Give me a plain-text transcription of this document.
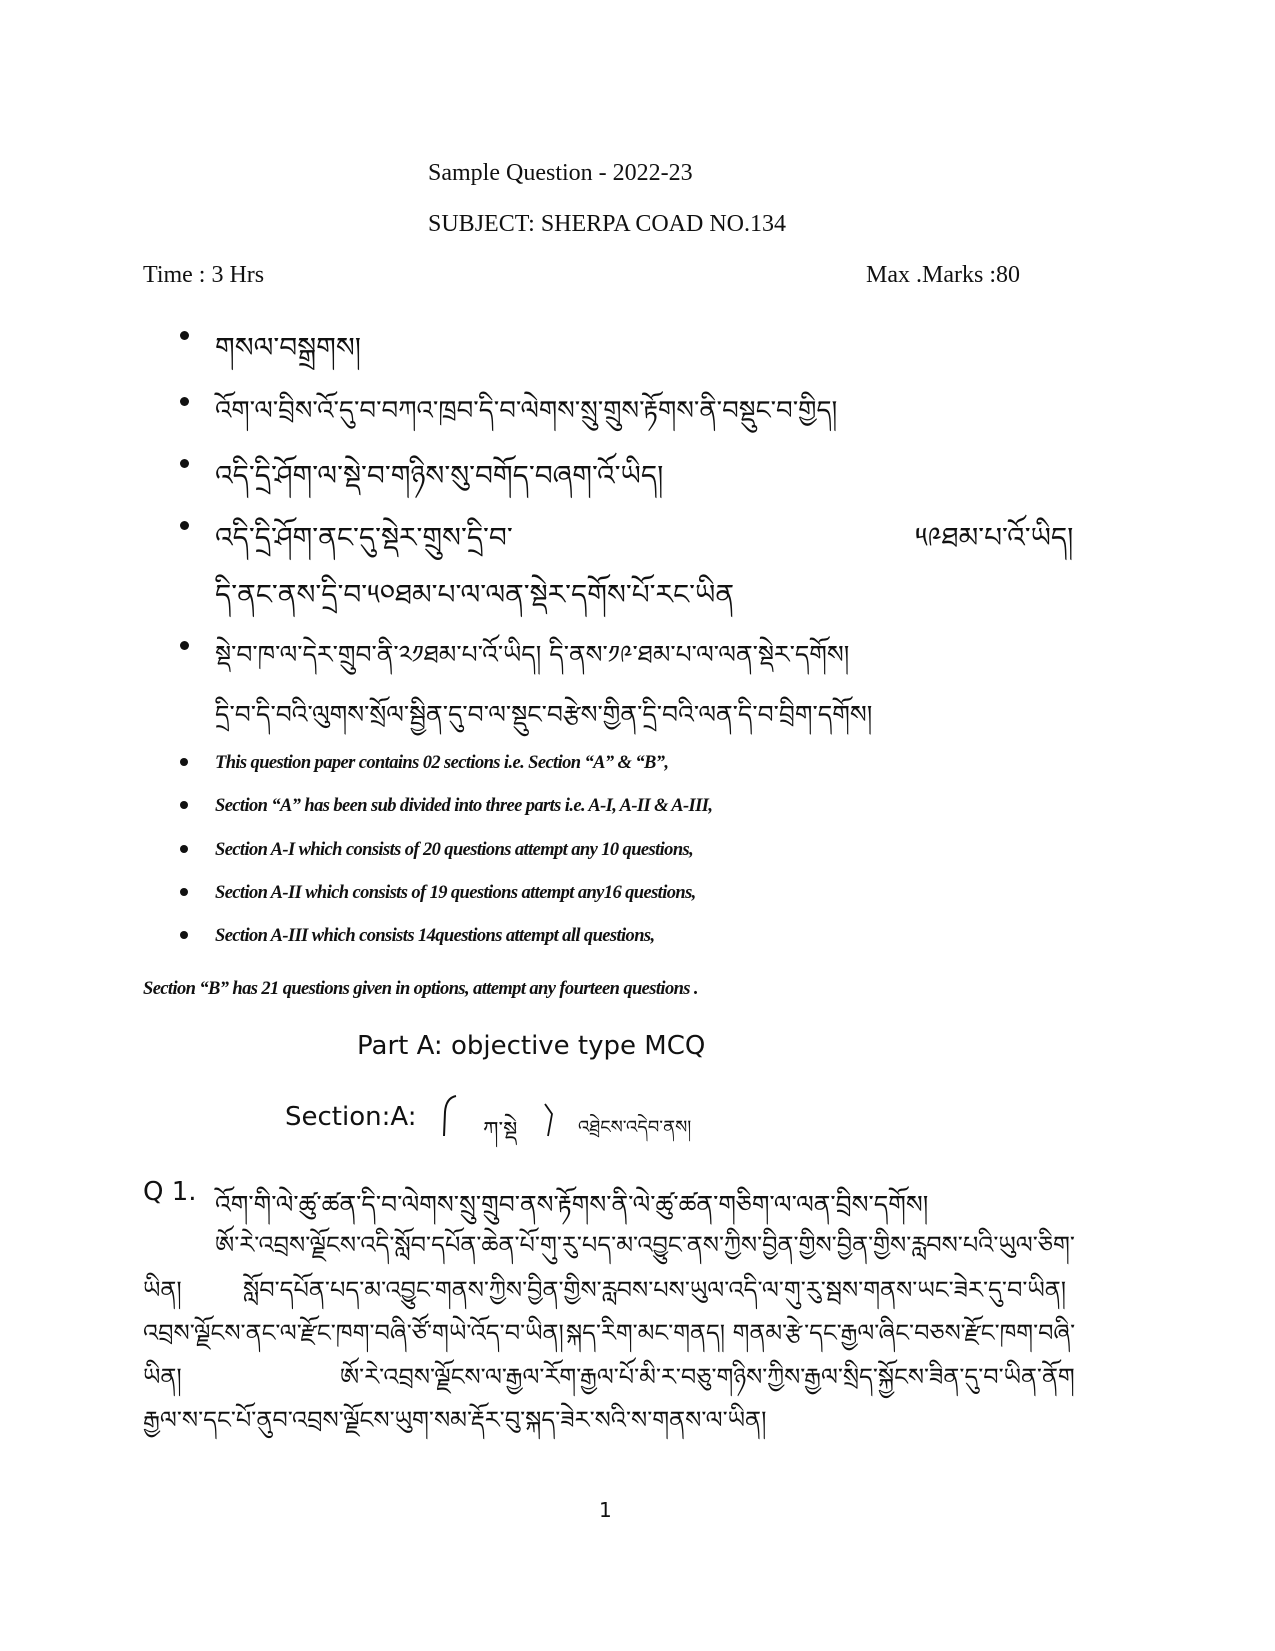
Sample Question - 2022-23
SUBJECT: SHERPA COAD NO.134
Time : 3 Hrs	Max .Marks :80
གསལ་བསྒྲགས།
འོག་ལ་བྲིས་འོ་དུ་བ་བཀའ་ཁྲབ་དི་བ་ལེགས་སྲུ་གྲུས་རྟོགས་ནི་བསྡུང་བ་གྱིད།
འདི་དྲི་ཤོག་ལ་སྡེ་བ་གཉིས་སུ་བགོད་བཞག་འོ་ཡིད།
འདི་དྲི་ཤོག་ནང་དུ་སྡེར་གྲུས་དྲི་བ་	༥༩ཐམ་པ་འོ་ཡིད།
དི་ནང་ནས་དྲི་བ་༥༠ཐམ་པ་ལ་ལན་སྡེར་དགོས་པོ་རང་ཡིན
སྡེ་བ་ཁ་ལ་དེར་གྲུབ་ནི་༢༡ཐམ་པ་འོ་ཡིད། དི་ནས་༡༩་ཐམ་པ་ལ་ལན་སྡེར་དགོས།
དྲི་བ་དི་བའི་ལུགས་སྲོལ་སྦྱིན་དུ་བ་ལ་སྡུང་བརྩེས་གྱིན་དྲི་བའི་ལན་དི་བ་བྲིག་དགོས།
This question paper contains 02 sections i.e. Section “A” & “B”,
Section “A” has been sub divided into three parts i.e. A-I, A-II & A-III,
Section A-I which consists of 20 questions attempt any 10 questions,
Section A-II which consists of 19 questions attempt any16 questions,
Section A-III which consists 14questions attempt all questions,
Section “B” has 21 questions given in options, attempt any fourteen questions .
Part A: objective type MCQ
Section:A:	ཀ་སྡེ	འཐྲེངས་འདེབ་ནས།
Q 1. འོག་གི་ལེ་ཚུ་ཚན་དི་བ་ལེགས་སྲུ་གྲུབ་ནས་རྟོགས་ནི་ལེ་ཚུ་ཚན་གཅིག་ལ་ལན་བྲིས་དགོས།
ཨོ་རེ་འབྲས་ལྗོངས་འདི་སློབ་དཔོན་ཆེན་པོ་གུ་རུ་པད་མ་འབྱུང་ནས་ཀྱིས་བྱིན་གྱིས་བྱིན་གྱིས་རླབས་པའི་ཡུལ་ཅིག་
ཡིན།	སློབ་དཔོན་པད་མ་འབྱུང་གནས་ཀྱིས་བྱིན་གྱིས་རླབས་པས་ཡུལ་འདི་ལ་གུ་རུ་སྦས་གནས་ཡང་ཟེར་དུ་བ་ཡིན།
འབྲས་ལྗོངས་ནང་ལ་རྫོང་ཁག་བཞི་ཙོ་གཡེ་འོད་བ་ཡིན། སྐད་རིག་མང་གནད། གནམ་རྩེ་དང་རྒྱལ་ཞིང་བཅས་རྫོང་ཁག་བཞི་
ཡིན།	ཨོ་རེ་འབྲས་ལྗོངས་ལ་རྒྱལ་རོག་རྒྱལ་པོ་མི་ར་བཅུ་གཉིས་ཀྱིས་རྒྱལ་སྲིད་སྐྱོངས་ཟིན་དུ་བ་ཡིན་ནོག
རྒྱལ་ས་དང་པོ་ནུབ་འབྲས་ལྗོངས་ཡུག་སམ་རྡོར་བུ་སྐད་ཟེར་སའི་ས་གནས་ལ་ཡིན།
1
